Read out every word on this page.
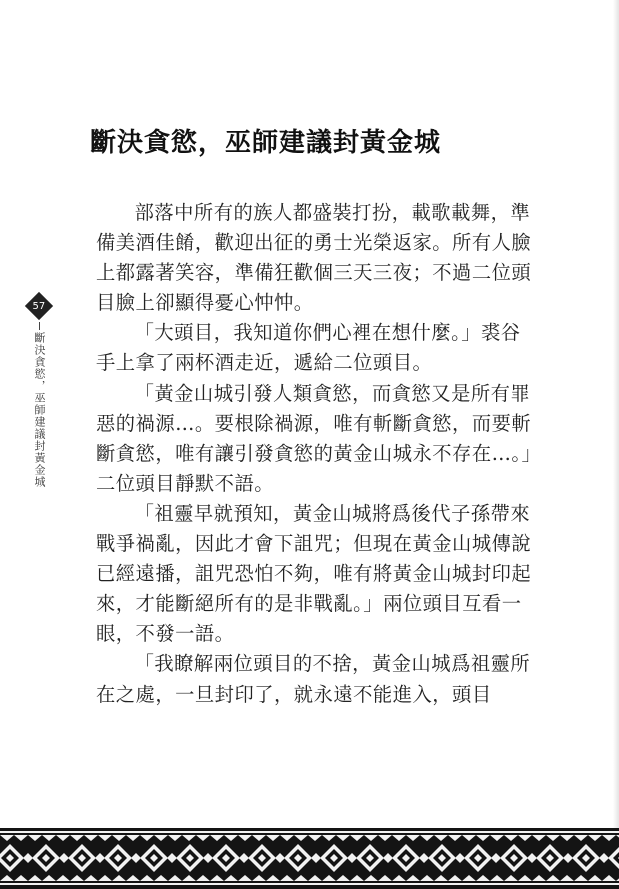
57
斷決貪慾，巫師建議封黃金城
斷決貪慾，巫師建議封黃金城

部落中所有的族人都盛裝打扮，載歌載舞，準備美酒佳餚，歡迎出征的勇士光榮返家。所有人臉上都露著笑容，準備狂歡個三天三夜；不過二位頭目臉上卻顯得憂心忡忡。

「大頭目，我知道你們心裡在想什麼。」裘谷手上拿了兩杯酒走近，遞給二位頭目。

「黃金山城引發人類貪慾，而貪慾又是所有罪惡的禍源…。要根除禍源，唯有斬斷貪慾，而要斬斷貪慾，唯有讓引發貪慾的黃金山城永不存在…。」二位頭目靜默不語。

「祖靈早就預知，黃金山城將爲後代子孫帶來戰爭禍亂，因此才會下詛咒；但現在黃金山城傳說已經遠播，詛咒恐怕不夠，唯有將黃金山城封印起來，才能斷絕所有的是非戰亂。」兩位頭目互看一眼，不發一語。

「我瞭解兩位頭目的不捨，黃金山城爲祖靈所在之處，一旦封印了，就永遠不能進入，頭目
